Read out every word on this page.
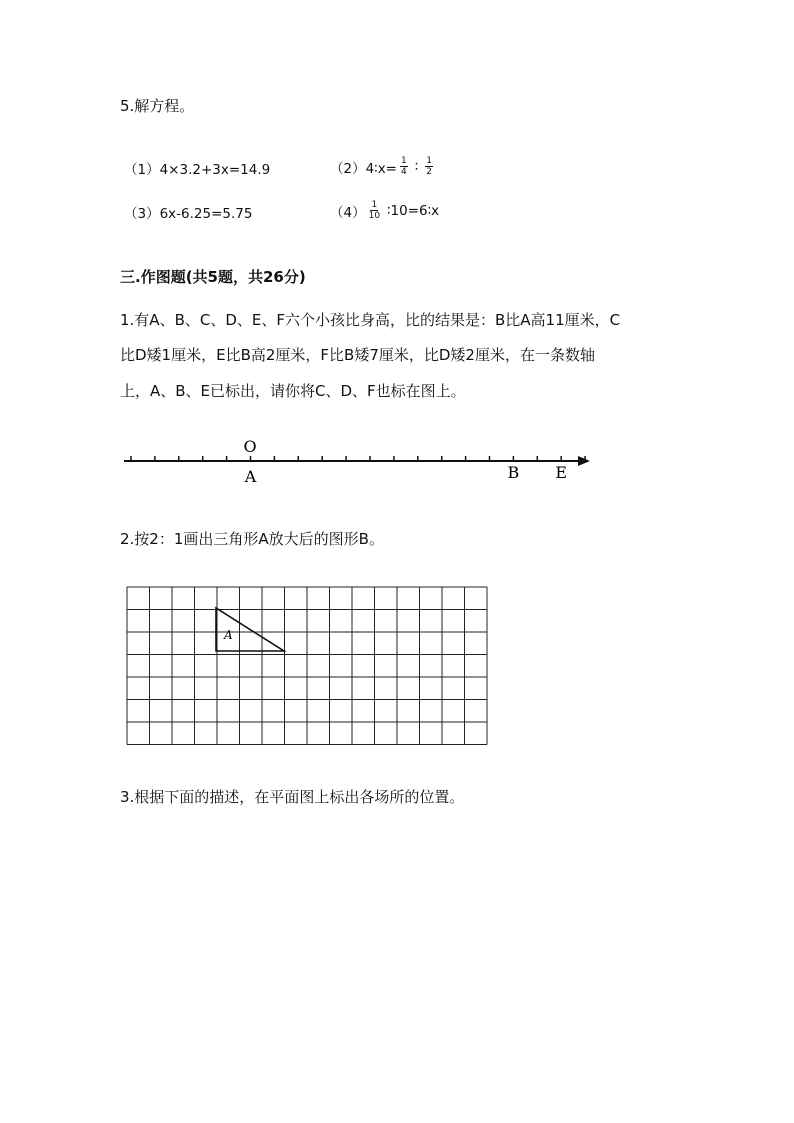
5.解方程。
（1）4×3.2+3x=14.9	（2）4∶x= $\frac{1}{4}$ ∶ $\frac{1}{2}$
（3）6x-6.25=5.75	$(4) \frac{1}{10}$ ∶10=6∶x
三.作图题(共5题，共26分)
1.有A、B、C、D、E、F六个小孩比身高，比的结果是：B比A高11厘米，C
比D矮1厘米，E比B高2厘米，F比B矮7厘米，比D矮2厘米，在一条数轴
上，A、B、E已标出，请你将C、D、F也标在图上。
O
A	B E
A
2.按2：1画出三角形A放大后的图形B。
3.根据下面的描述，在平面图上标出各场所的位置。
